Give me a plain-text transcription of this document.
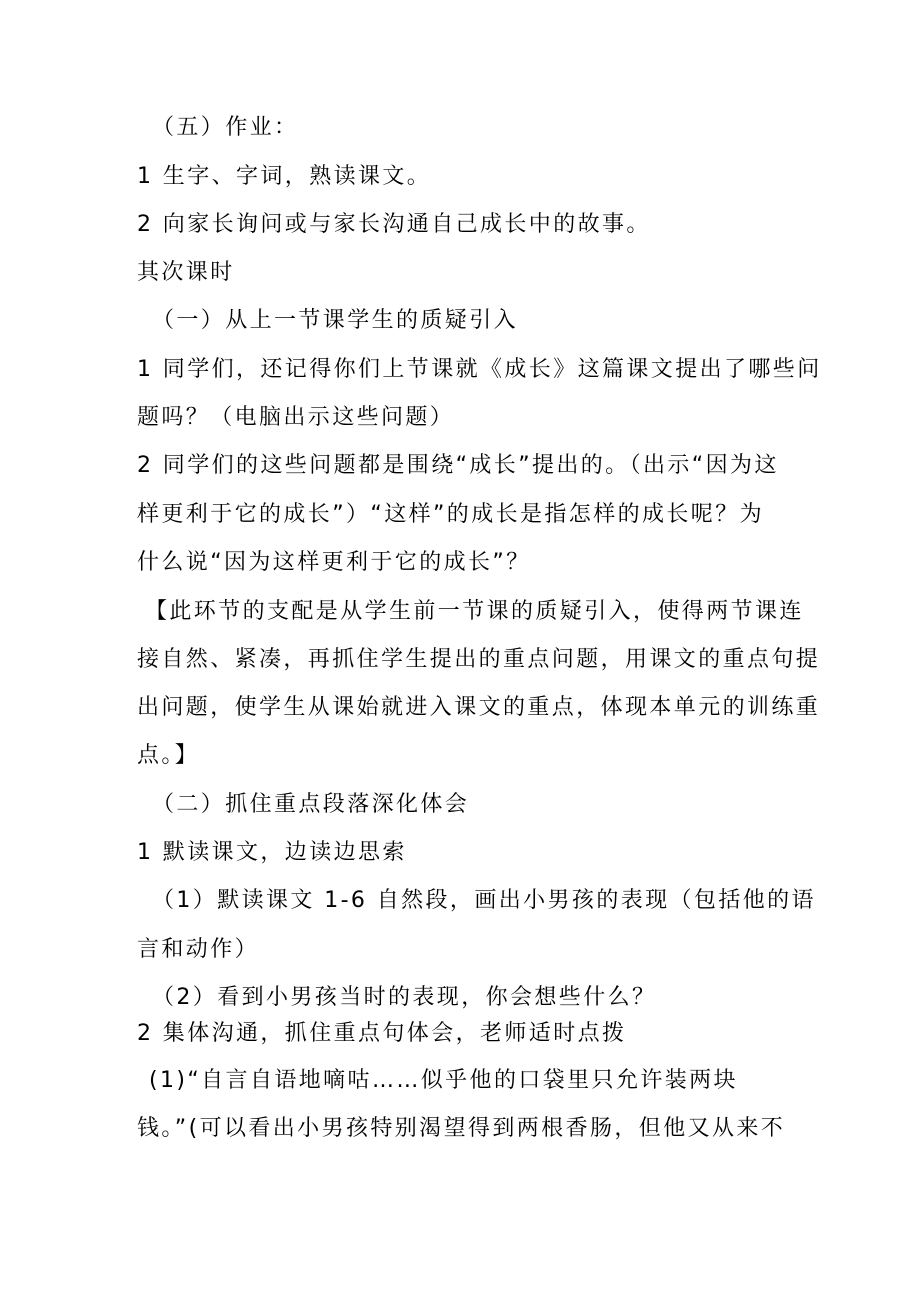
（五）作业：

1 生字、字词，熟读课文。

2 向家长询问或与家长沟通自己成长中的故事。

其次课时

（一）从上一节课学生的质疑引入

1 同学们，还记得你们上节课就《成长》这篇课文提出了哪些问

题吗？（电脑出示这些问题）

2 同学们的这些问题都是围绕“成长”提出的。（出示“因为这

样更利于它的成长”）“这样”的成长是指怎样的成长呢？为

什么说“因为这样更利于它的成长”？

【此环节的支配是从学生前一节课的质疑引入，使得两节课连

接自然、紧凑，再抓住学生提出的重点问题，用课文的重点句提

出问题，使学生从课始就进入课文的重点，体现本单元的训练重

点。】

（二）抓住重点段落深化体会

1 默读课文，边读边思索

（1）默读课文 1-6 自然段，画出小男孩的表现（包括他的语

言和动作）

（2）看到小男孩当时的表现，你会想些什么？

2 集体沟通，抓住重点句体会，老师适时点拨

(1)“自言自语地嘀咕……似乎他的口袋里只允许装两块

钱。”(可以看出小男孩特别渴望得到两根香肠，但他又从来不
